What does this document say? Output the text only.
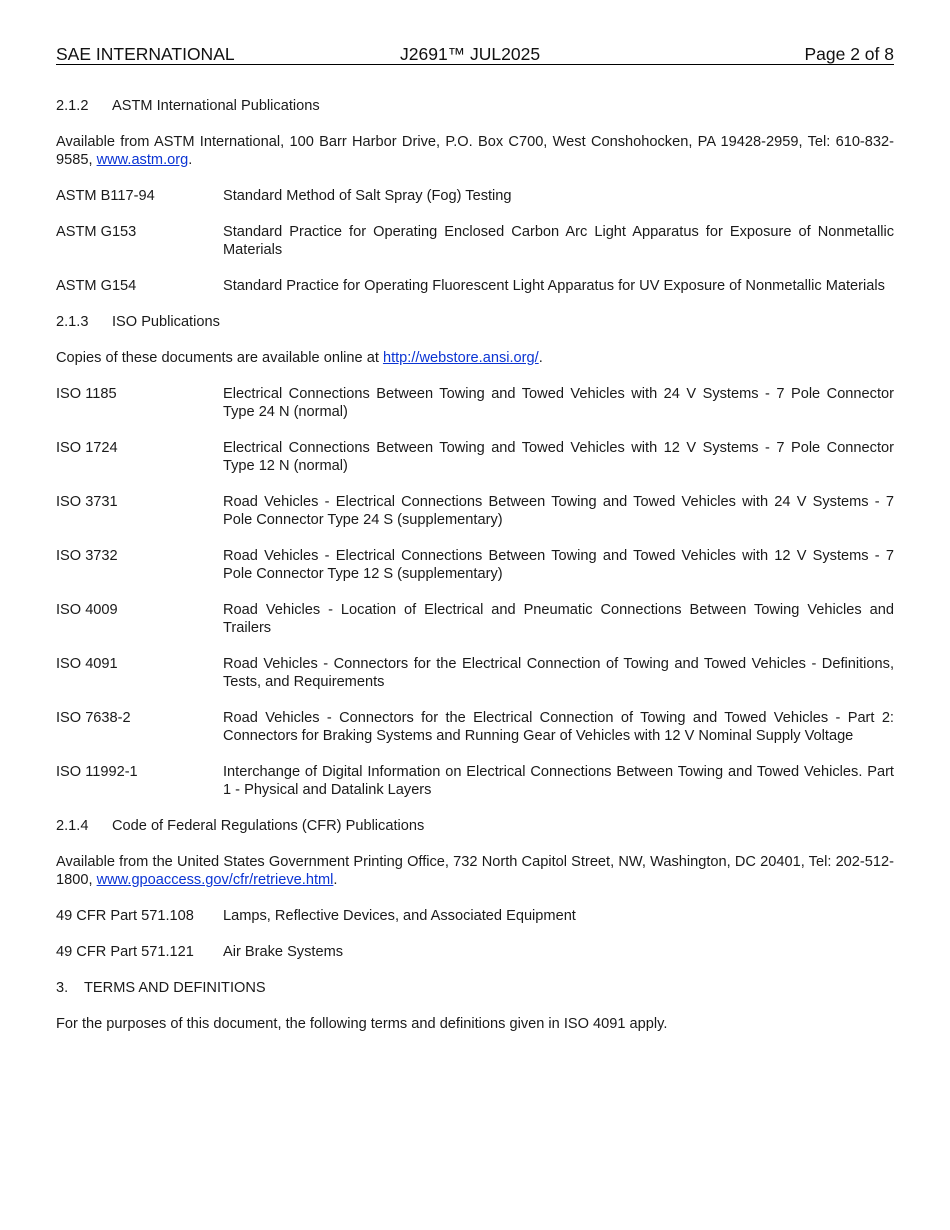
SAE INTERNATIONAL	J2691™ JUL2025	Page 2 of 8
2.1.2	ASTM International Publications

Available from ASTM International, 100 Barr Harbor Drive, P.O. Box C700, West Conshohocken, PA 19428-2959, Tel: 610-832-9585, www.astm.org.

ASTM B117-94	Standard Method of Salt Spray (Fog) Testing
ASTM G153	Standard Practice for Operating Enclosed Carbon Arc Light Apparatus for Exposure of Nonmetallic Materials
ASTM G154	Standard Practice for Operating Fluorescent Light Apparatus for UV Exposure of Nonmetallic Materials
2.1.3	ISO Publications

Copies of these documents are available online at http://webstore.ansi.org/.

ISO 1185	Electrical Connections Between Towing and Towed Vehicles with 24 V Systems - 7 Pole Connector Type 24 N (normal)
ISO 1724	Electrical Connections Between Towing and Towed Vehicles with 12 V Systems - 7 Pole Connector Type 12 N (normal)
ISO 3731	Road Vehicles - Electrical Connections Between Towing and Towed Vehicles with 24 V Systems - 7 Pole Connector Type 24 S (supplementary)
ISO 3732	Road Vehicles - Electrical Connections Between Towing and Towed Vehicles with 12 V Systems - 7 Pole Connector Type 12 S (supplementary)
ISO 4009	Road Vehicles - Location of Electrical and Pneumatic Connections Between Towing Vehicles and Trailers
ISO 4091	Road Vehicles - Connectors for the Electrical Connection of Towing and Towed Vehicles - Definitions, Tests, and Requirements
ISO 7638-2	Road Vehicles - Connectors for the Electrical Connection of Towing and Towed Vehicles - Part 2: Connectors for Braking Systems and Running Gear of Vehicles with 12 V Nominal Supply Voltage
ISO 11992-1	Interchange of Digital Information on Electrical Connections Between Towing and Towed Vehicles. Part 1 - Physical and Datalink Layers
2.1.4	Code of Federal Regulations (CFR) Publications

Available from the United States Government Printing Office, 732 North Capitol Street, NW, Washington, DC 20401, Tel: 202-512-1800, www.gpoaccess.gov/cfr/retrieve.html.

49 CFR Part 571.108	Lamps, Reflective Devices, and Associated Equipment
49 CFR Part 571.121	Air Brake Systems
3.	TERMS AND DEFINITIONS

For the purposes of this document, the following terms and definitions given in ISO 4091 apply.
